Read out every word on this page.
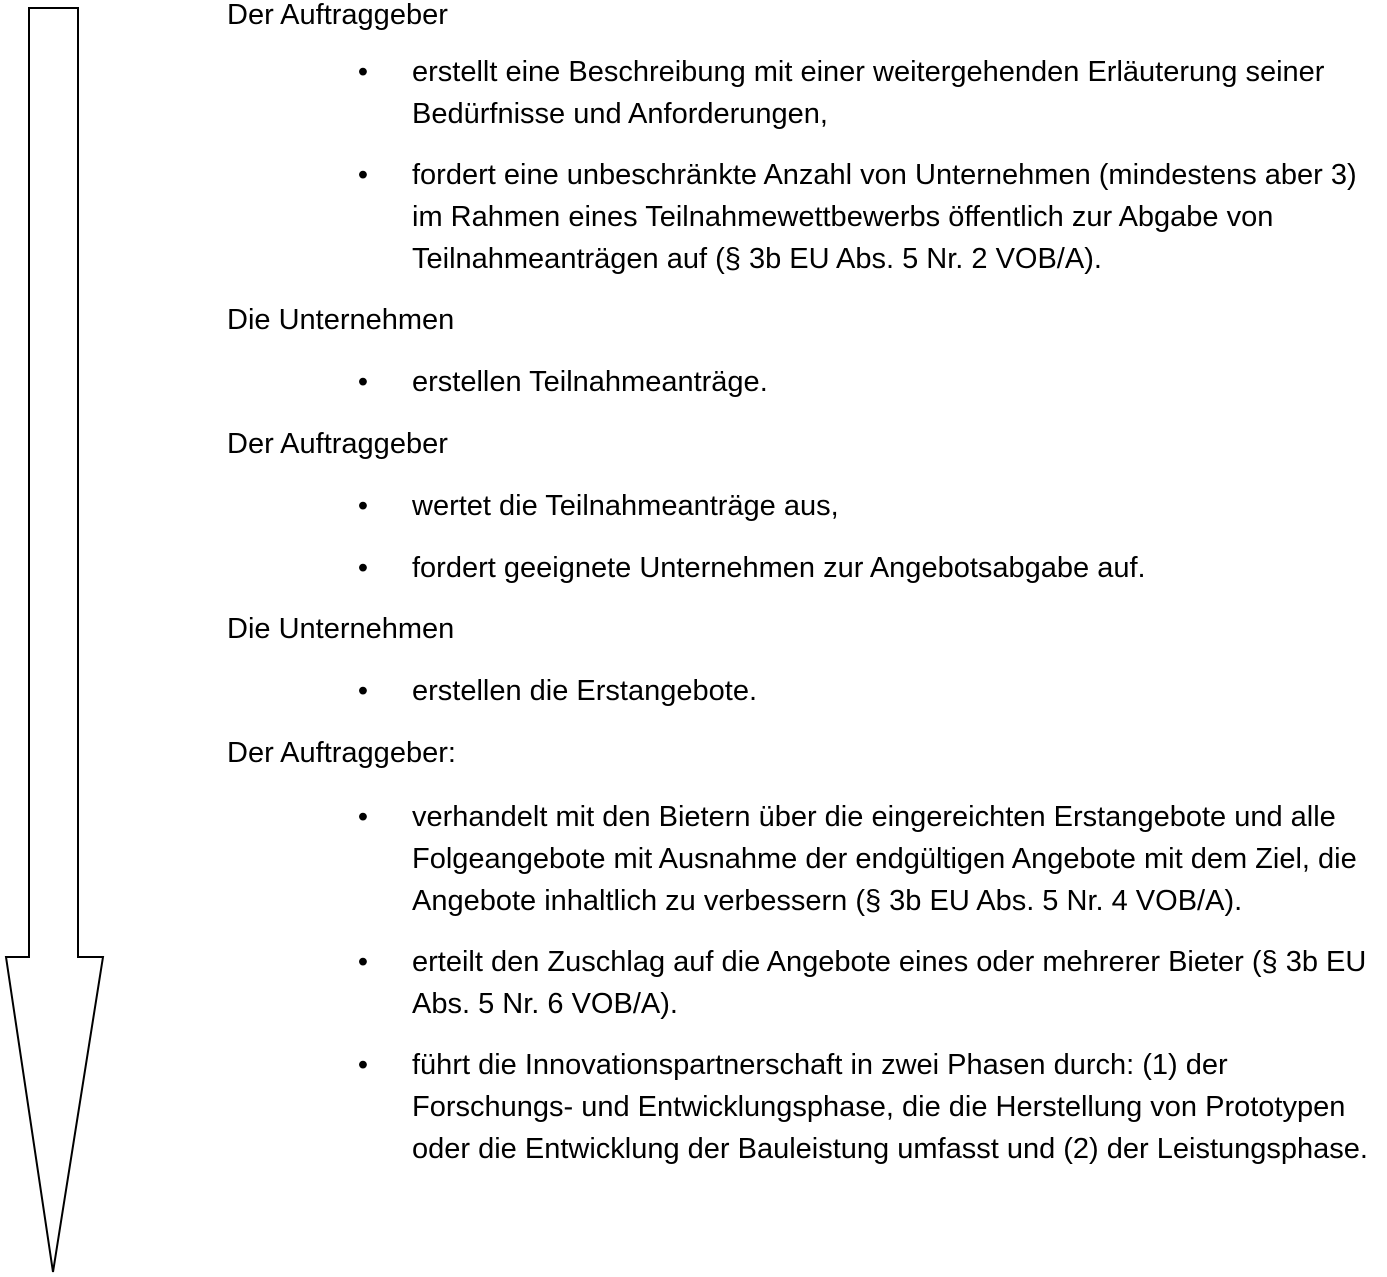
Der Auftraggeber
•	erstellt eine Beschreibung mit einer weitergehenden Erläuterung seiner Bedürfnisse und Anforderungen,
•	fordert eine unbeschränkte Anzahl von Unternehmen (mindestens aber 3) im Rahmen eines Teilnahmewettbewerbs öffentlich zur Abgabe von Teilnahmeanträgen auf (§ 3b EU Abs. 5 Nr. 2 VOB/A).
Die Unternehmen
•	erstellen Teilnahmeanträge.
Der Auftraggeber
•	wertet die Teilnahmeanträge aus,
•	fordert geeignete Unternehmen zur Angebotsabgabe auf.
Die Unternehmen
•	erstellen die Erstangebote.
Der Auftraggeber:
•	verhandelt mit den Bietern über die eingereichten Erstangebote und alle Folgeangebote mit Ausnahme der endgültigen Angebote mit dem Ziel, die Angebote inhaltlich zu verbessern (§ 3b EU Abs. 5 Nr. 4 VOB/A).
•	erteilt den Zuschlag auf die Angebote eines oder mehrerer Bieter (§ 3b EU Abs. 5 Nr. 6 VOB/A).
•	führt die Innovationspartnerschaft in zwei Phasen durch: (1) der Forschungs- und Entwicklungsphase, die die Herstellung von Prototypen oder die Entwicklung der Bauleistung umfasst und (2) der Leistungsphase.
